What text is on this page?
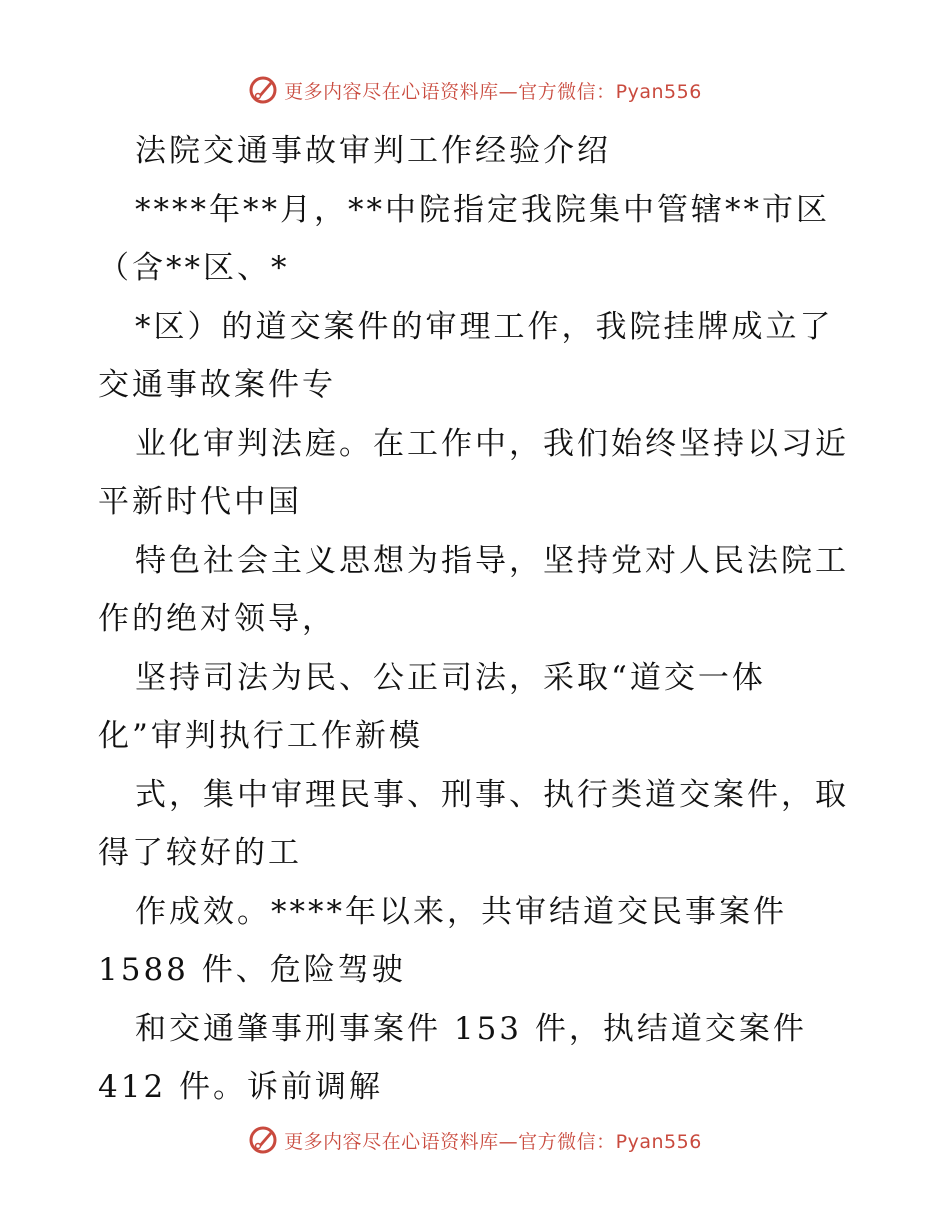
更多内容尽在心语资料库—官方微信：Pyan556
法院交通事故审判工作经验介绍
****年**月，**中院指定我院集中管辖**市区
（含**区、*
*区）的道交案件的审理工作，我院挂牌成立了
交通事故案件专
业化审判法庭。在工作中，我们始终坚持以习近
平新时代中国
特色社会主义思想为指导，坚持党对人民法院工
作的绝对领导，
坚持司法为民、公正司法，采取“道交一体
化”审判执行工作新模
式，集中审理民事、刑事、执行类道交案件，取
得了较好的工
作成效。****年以来，共审结道交民事案件
1588 件、危险驾驶
和交通肇事刑事案件 153 件，执结道交案件
412 件。诉前调解
更多内容尽在心语资料库—官方微信：Pyan556
